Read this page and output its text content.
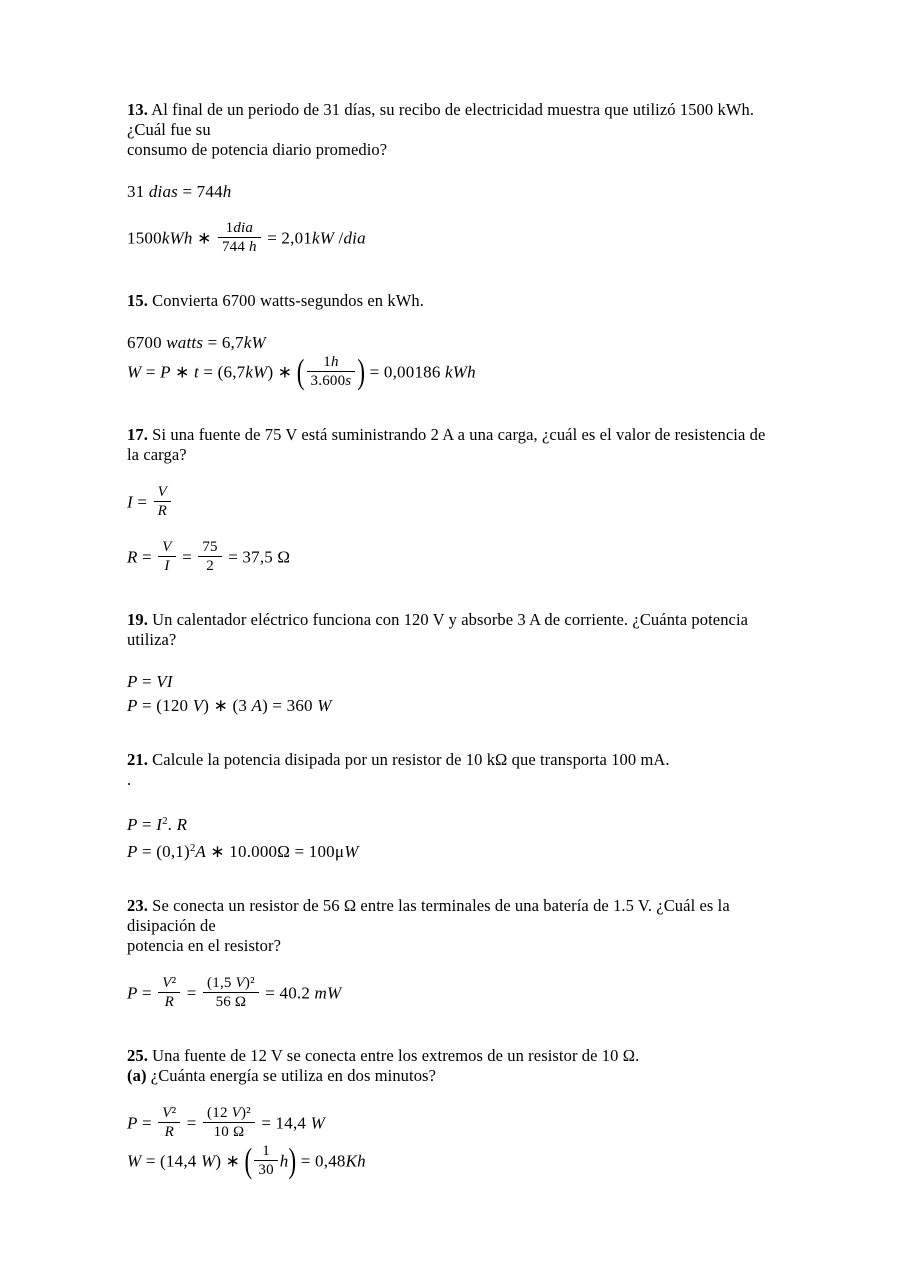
13. Al final de un periodo de 31 días, su recibo de electricidad muestra que utilizó 1500 kWh.
¿Cuál fue su
consumo de potencia diario promedio?
31 dias = 744h
1500kWh ∗ $\frac{\text{1dia}}{744 h} = 2,01kW$ /dia
15. Convierta 6700 watts-segundos en kWh.
6700 watts = 6,7kW
W = P ∗ t = (6,7kW) ∗ ( $\frac{1h}{3.600s}$ ) = 0,00186 kWh
17. Si una fuente de 75 V está suministrando 2 A a una carga, ¿cuál es el valor de resistencia de
la carga?
$I = \frac{V}{R}$
$R = \frac{V}{I} = \frac{75}{2} = 37,5$ Ω
19. Un calentador eléctrico funciona con 120 V y absorbe 3 A de corriente. ¿Cuánta potencia
utiliza?
P = VI
P = (120 V) ∗ (3 A) = 360 W
21. Calcule la potencia disipada por un resistor de 10 kΩ que transporta 100 mA.
.
$P = I^2$. R
$P = (0,1)^2A$ ∗ 10.000Ω = 100μW
23. Se conecta un resistor de 56 Ω entre las terminales de una batería de 1.5 V. ¿Cuál es la
disipación de
potencia en el resistor?
$P = \frac{\text{V²}}{R} = \frac{\text{(1,5 V)²}}{56 \Omega} = 40.2$ mW
25. Una fuente de 12 V se conecta entre los extremos de un resistor de 10 Ω.
(a) ¿Cuánta energía se utiliza en dos minutos?
$P = \frac{\text{V²}}{R} = \frac{\text{(12 V)²}}{10 \Omega} = 14,4$ W
W = (14,4 W) ∗ ( $\frac{1}{30} h) = 0,48Kh$
